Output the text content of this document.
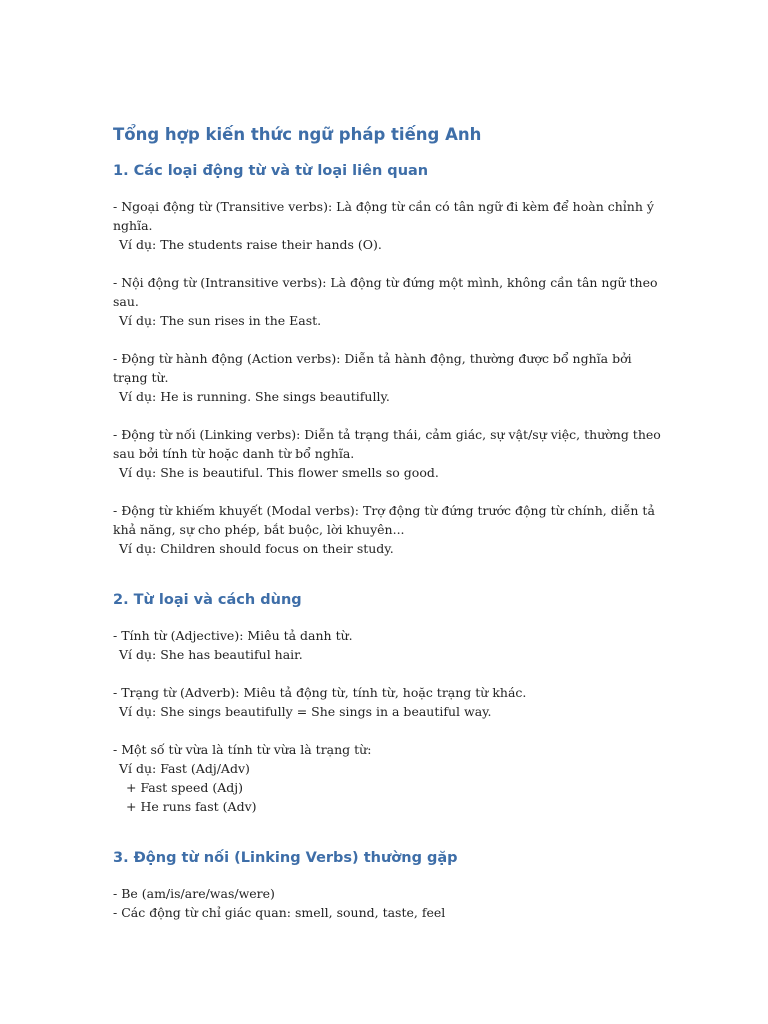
Tổng hợp kiến thức ngữ pháp tiếng Anh
1. Các loại động từ và từ loại liên quan

- Ngoại động từ (Transitive verbs): Là động từ cần có tân ngữ đi kèm để hoàn chỉnh ý nghĩa.
Ví dụ: The students raise their hands (O).

- Nội động từ (Intransitive verbs): Là động từ đứng một mình, không cần tân ngữ theo sau.
Ví dụ: The sun rises in the East.

- Động từ hành động (Action verbs): Diễn tả hành động, thường được bổ nghĩa bởi trạng từ.
Ví dụ: He is running. She sings beautifully.

- Động từ nối (Linking verbs): Diễn tả trạng thái, cảm giác, sự vật/sự việc, thường theo sau bởi tính từ hoặc danh từ bổ nghĩa.
Ví dụ: She is beautiful. This flower smells so good.

- Động từ khiếm khuyết (Modal verbs): Trợ động từ đứng trước động từ chính, diễn tả khả năng, sự cho phép, bắt buộc, lời khuyên...
Ví dụ: Children should focus on their study.

2. Từ loại và cách dùng

- Tính từ (Adjective): Miêu tả danh từ.
Ví dụ: She has beautiful hair.

- Trạng từ (Adverb): Miêu tả động từ, tính từ, hoặc trạng từ khác.
Ví dụ: She sings beautifully = She sings in a beautiful way.

- Một số từ vừa là tính từ vừa là trạng từ:
Ví dụ: Fast (Adj/Adv)
+ Fast speed (Adj)
+ He runs fast (Adv)

3. Động từ nối (Linking Verbs) thường gặp

- Be (am/is/are/was/were)
- Các động từ chỉ giác quan: smell, sound, taste, feel
